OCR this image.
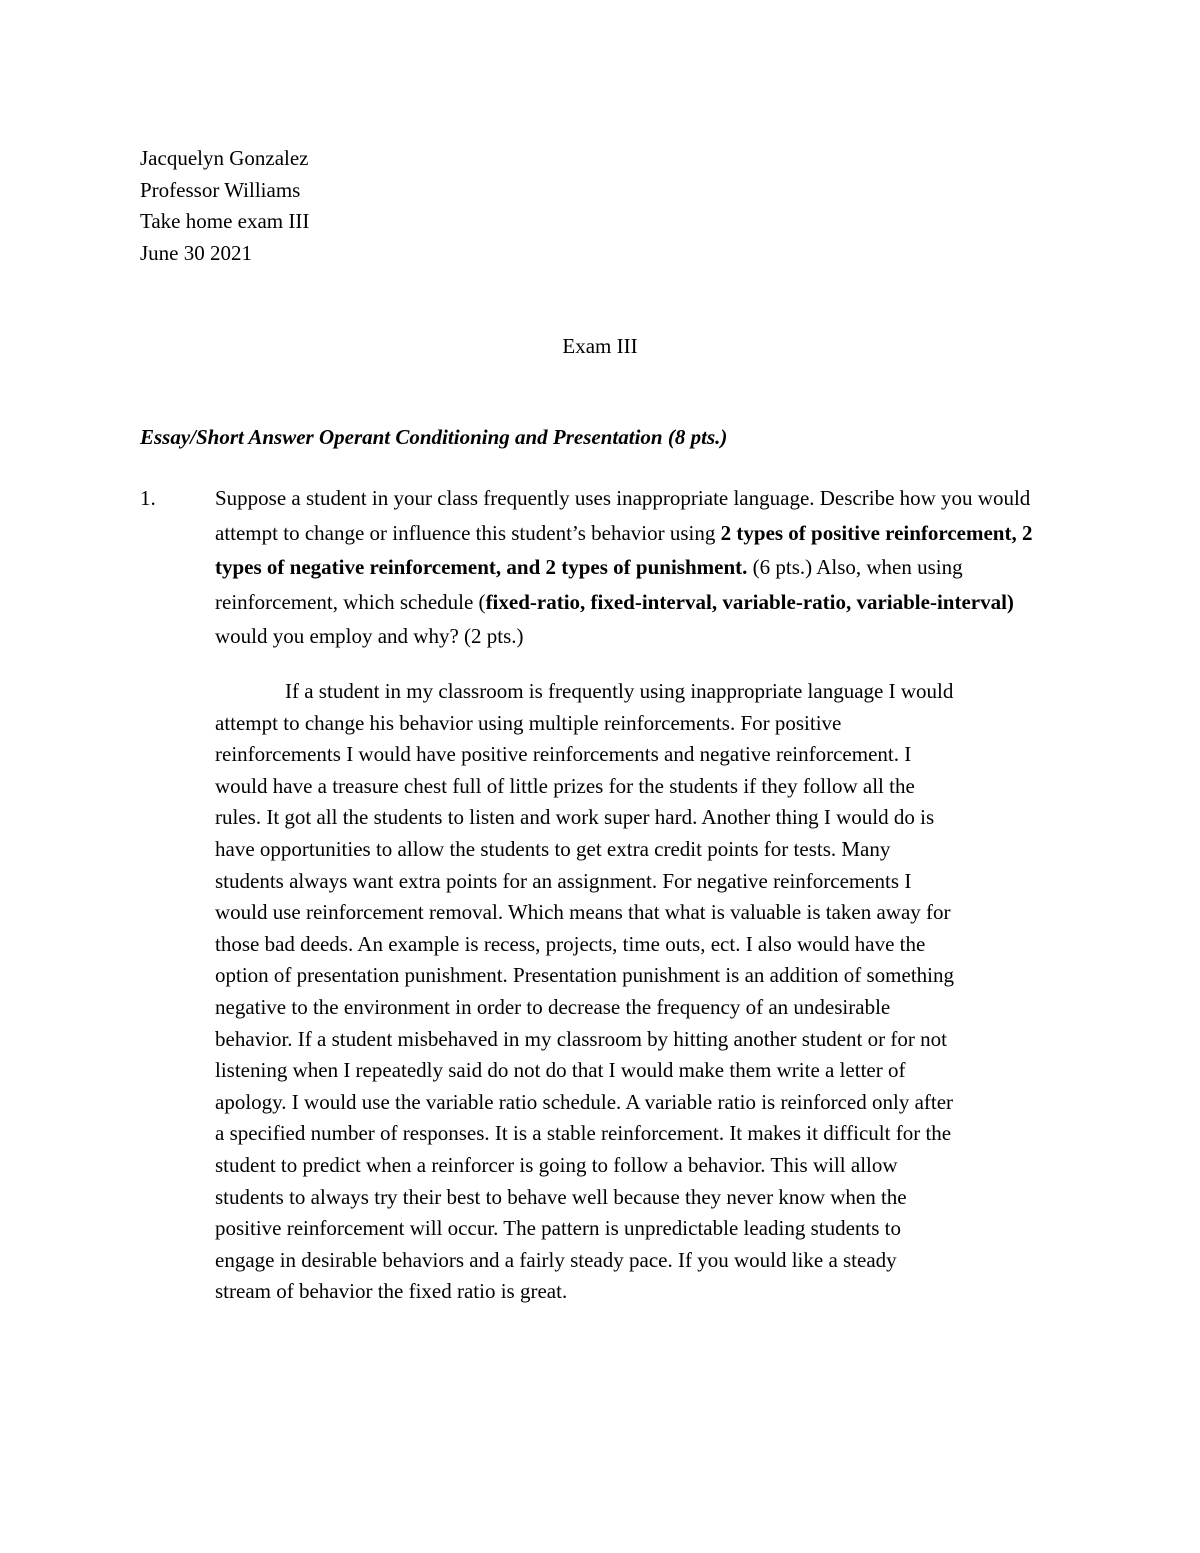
Jacquelyn Gonzalez
Professor Williams
Take home exam III
June 30 2021
Exam III
Essay/Short Answer Operant Conditioning and Presentation (8 pts.)
1.	Suppose a student in your class frequently uses inappropriate language. Describe how you would attempt to change or influence this student’s behavior using 2 types of positive reinforcement, 2 types of negative reinforcement, and 2 types of punishment. (6 pts.) Also, when using reinforcement, which schedule (fixed-ratio, fixed-interval, variable-ratio, variable-interval) would you employ and why? (2 pts.)
If a student in my classroom is frequently using inappropriate language I would
attempt to change his behavior using multiple reinforcements. For positive
reinforcements I would have positive reinforcements and negative reinforcement. I
would have a treasure chest full of little prizes for the students if they follow all the
rules. It got all the students to listen and work super hard. Another thing I would do is
have opportunities to allow the students to get extra credit points for tests. Many
students always want extra points for an assignment. For negative reinforcements I
would use reinforcement removal. Which means that what is valuable is taken away for
those bad deeds. An example is recess, projects, time outs, ect. I also would have the
option of presentation punishment. Presentation punishment is an addition of something
negative to the environment in order to decrease the frequency of an undesirable
behavior. If a student misbehaved in my classroom by hitting another student or for not
listening when I repeatedly said do not do that I would make them write a letter of
apology. I would use the variable ratio schedule. A variable ratio is reinforced only after
a specified number of responses. It is a stable reinforcement. It makes it difficult for the
student to predict when a reinforcer is going to follow a behavior. This will allow
students to always try their best to behave well because they never know when the
positive reinforcement will occur. The pattern is unpredictable leading students to
engage in desirable behaviors and a fairly steady pace. If you would like a steady
stream of behavior the fixed ratio is great.
